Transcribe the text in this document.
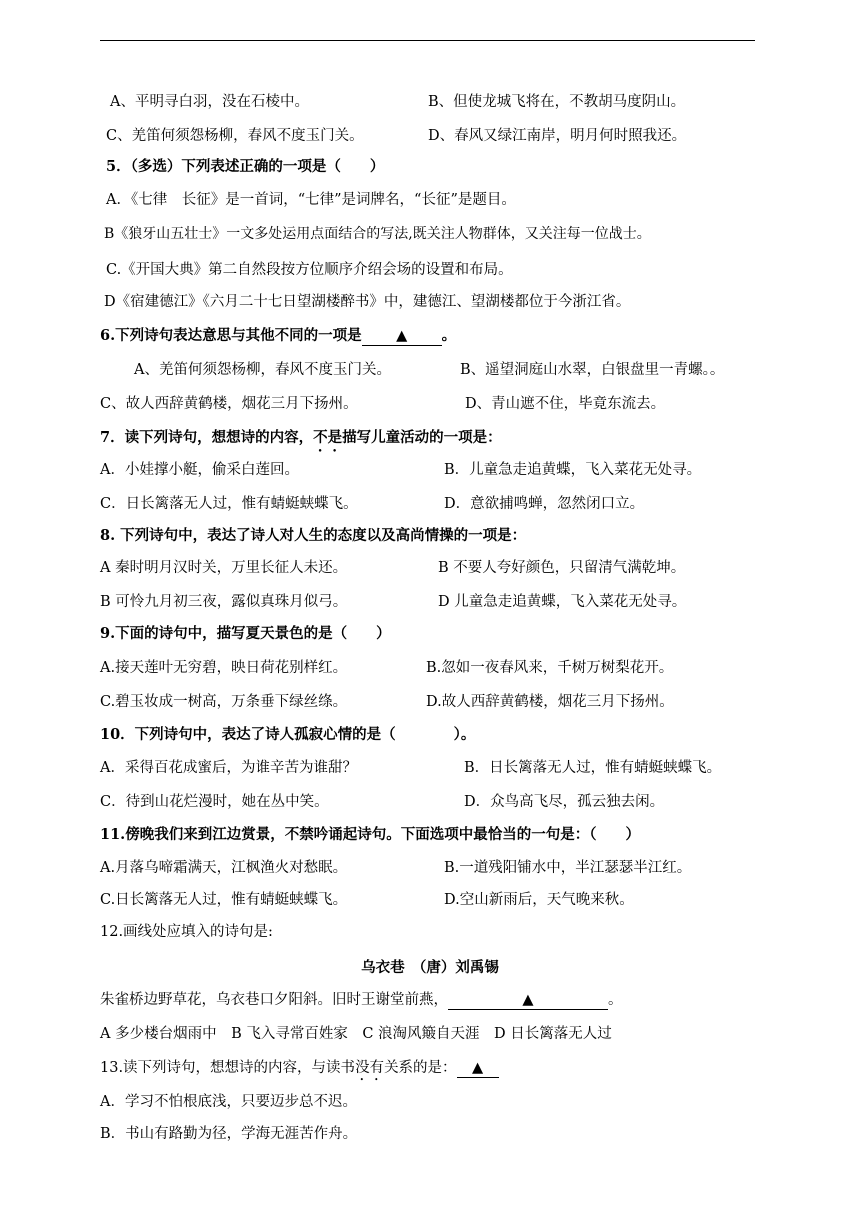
A、平明寻白羽，没在石棱中。	B、但使龙城飞将在，不教胡马度阴山。
C、羌笛何须怨杨柳，春风不度玉门关。	D、春风又绿江南岸，明月何时照我还。
5．（多选）下列表述正确的一项是（　　）
A．《七律　长征》是一首词，“七律”是词牌名，“长征”是题目。
B《狼牙山五壮士》一文多处运用点面结合的写法,既关注人物群体，又关注每一位战士。
C.《开国大典》第二自然段按方位顺序介绍会场的设置和布局。
D《宿建德江》《六月二十七日望湖楼醉书》中，建德江、望湖楼都位于今浙江省。
6.下列诗句表达意思与其他不同的一项是 ▲ 。
A、羌笛何须怨杨柳，春风不度玉门关。	B、遥望洞庭山水翠，白银盘里一青螺。。
C、故人西辞黄鹤楼，烟花三月下扬州。	D、青山遮不住，毕竟东流去。
7．读下列诗句，想想诗的内容，不是描写儿童活动的一项是：
A．小娃撑小艇，偷采白莲回。	B．儿童急走追黄蝶，飞入菜花无处寻。
C．日长篱落无人过，惟有蜻蜓蛱蝶飞。	D．意欲捕鸣蝉，忽然闭口立。
8. 下列诗句中，表达了诗人对人生的态度以及高尚情操的一项是：
A 秦时明月汉时关，万里长征人未还。	B 不要人夸好颜色，只留清气满乾坤。
B 可怜九月初三夜，露似真珠月似弓。	D 儿童急走追黄蝶，飞入菜花无处寻。
9.下面的诗句中，描写夏天景色的是（　　）
A.接天莲叶无穷碧，映日荷花别样红。	B.忽如一夜春风来，千树万树梨花开。
C.碧玉妆成一树高，万条垂下绿丝绦。	D.故人西辞黄鹤楼，烟花三月下扬州。
10．下列诗句中，表达了诗人孤寂心情的是（　　　　）。
A．采得百花成蜜后，为谁辛苦为谁甜？	B．日长篱落无人过，惟有蜻蜓蛱蝶飞。
C．待到山花烂漫时，她在丛中笑。	D．众鸟高飞尽，孤云独去闲。
11.傍晚我们来到江边赏景，不禁吟诵起诗句。下面选项中最恰当的一句是：（　　）
A.月落乌啼霜满天，江枫渔火对愁眠。	B.一道残阳铺水中，半江瑟瑟半江红。
C.日长篱落无人过，惟有蜻蜓蛱蝶飞。	D.空山新雨后，天气晚来秋。
12.画线处应填入的诗句是:
乌衣巷　（唐）刘禹锡
朱雀桥边野草花，乌衣巷口夕阳斜。旧时王谢堂前燕，	▲	。
A 多少楼台烟雨中　B 飞入寻常百姓家　C 浪淘风簸自天涯　D 日长篱落无人过
13.读下列诗句，想想诗的内容，与读书没有关系的是： ▲
A．学习不怕根底浅，只要迈步总不迟。
B．书山有路勤为径，学海无涯苦作舟。
